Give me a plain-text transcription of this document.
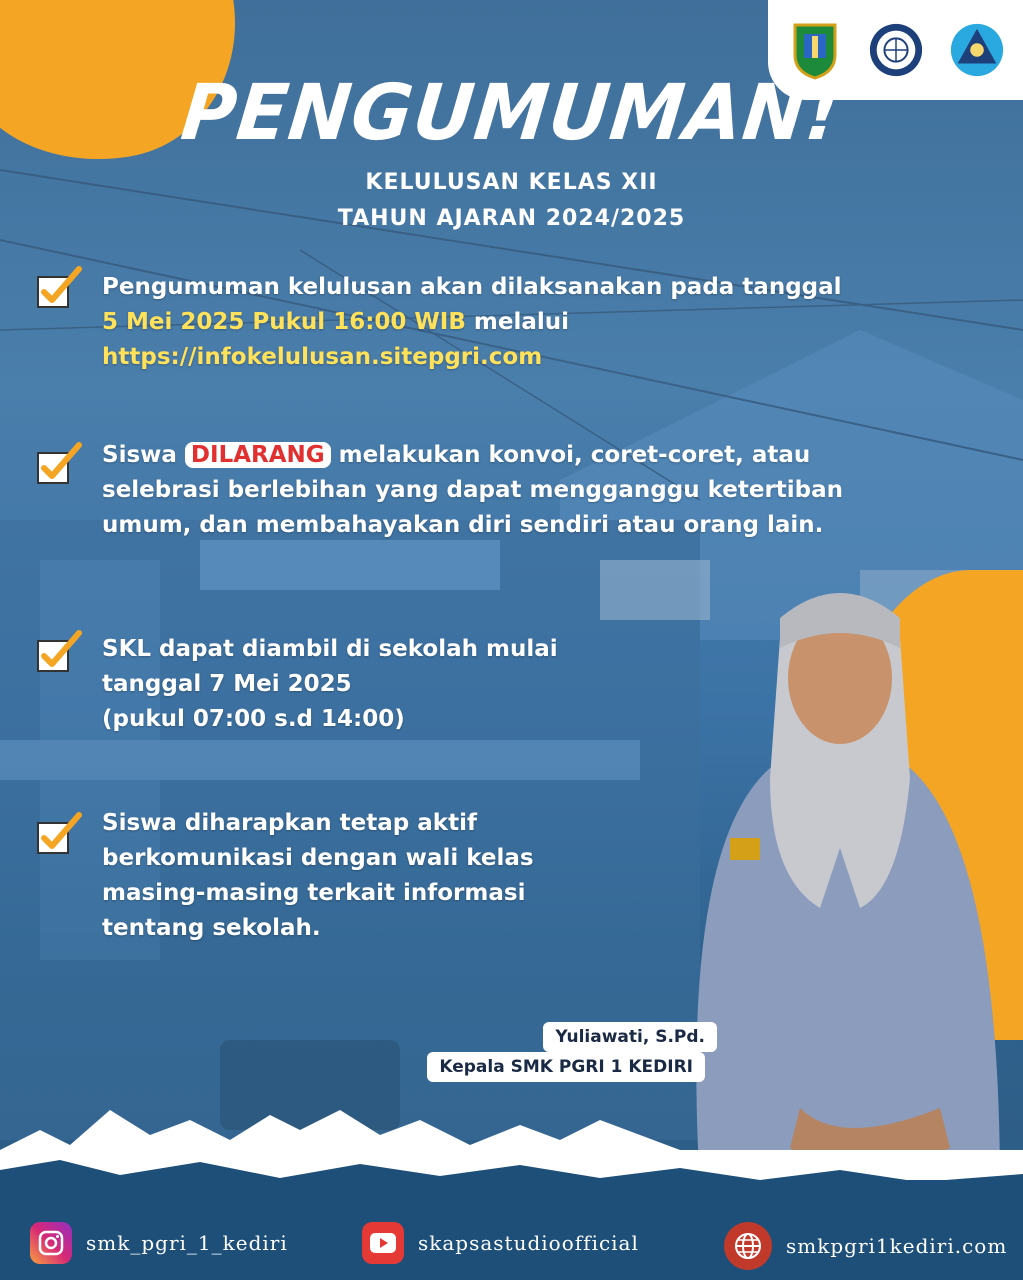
PENGUMUMAN!
KELULUSAN KELAS XII
TAHUN AJARAN 2024/2025
Pengumuman kelulusan akan dilaksanakan pada tanggal
5 Mei 2025 Pukul 16:00 WIB melalui
https://infokelulusan.sitepgri.com
Siswa DILARANG melakukan konvoi, coret-coret, atau
selebrasi berlebihan yang dapat mengganggu ketertiban
umum, dan membahayakan diri sendiri atau orang lain.
SKL dapat diambil di sekolah mulai
tanggal 7 Mei 2025
(pukul 07:00 s.d 14:00)
Siswa diharapkan tetap aktif
berkomunikasi dengan wali kelas
masing-masing terkait informasi
tentang sekolah.
Yuliawati, S.Pd.
Kepala SMK PGRI 1 KEDIRI
smk_pgri_1_kediri	skapsastudioofficial	smkpgri1kediri.com
